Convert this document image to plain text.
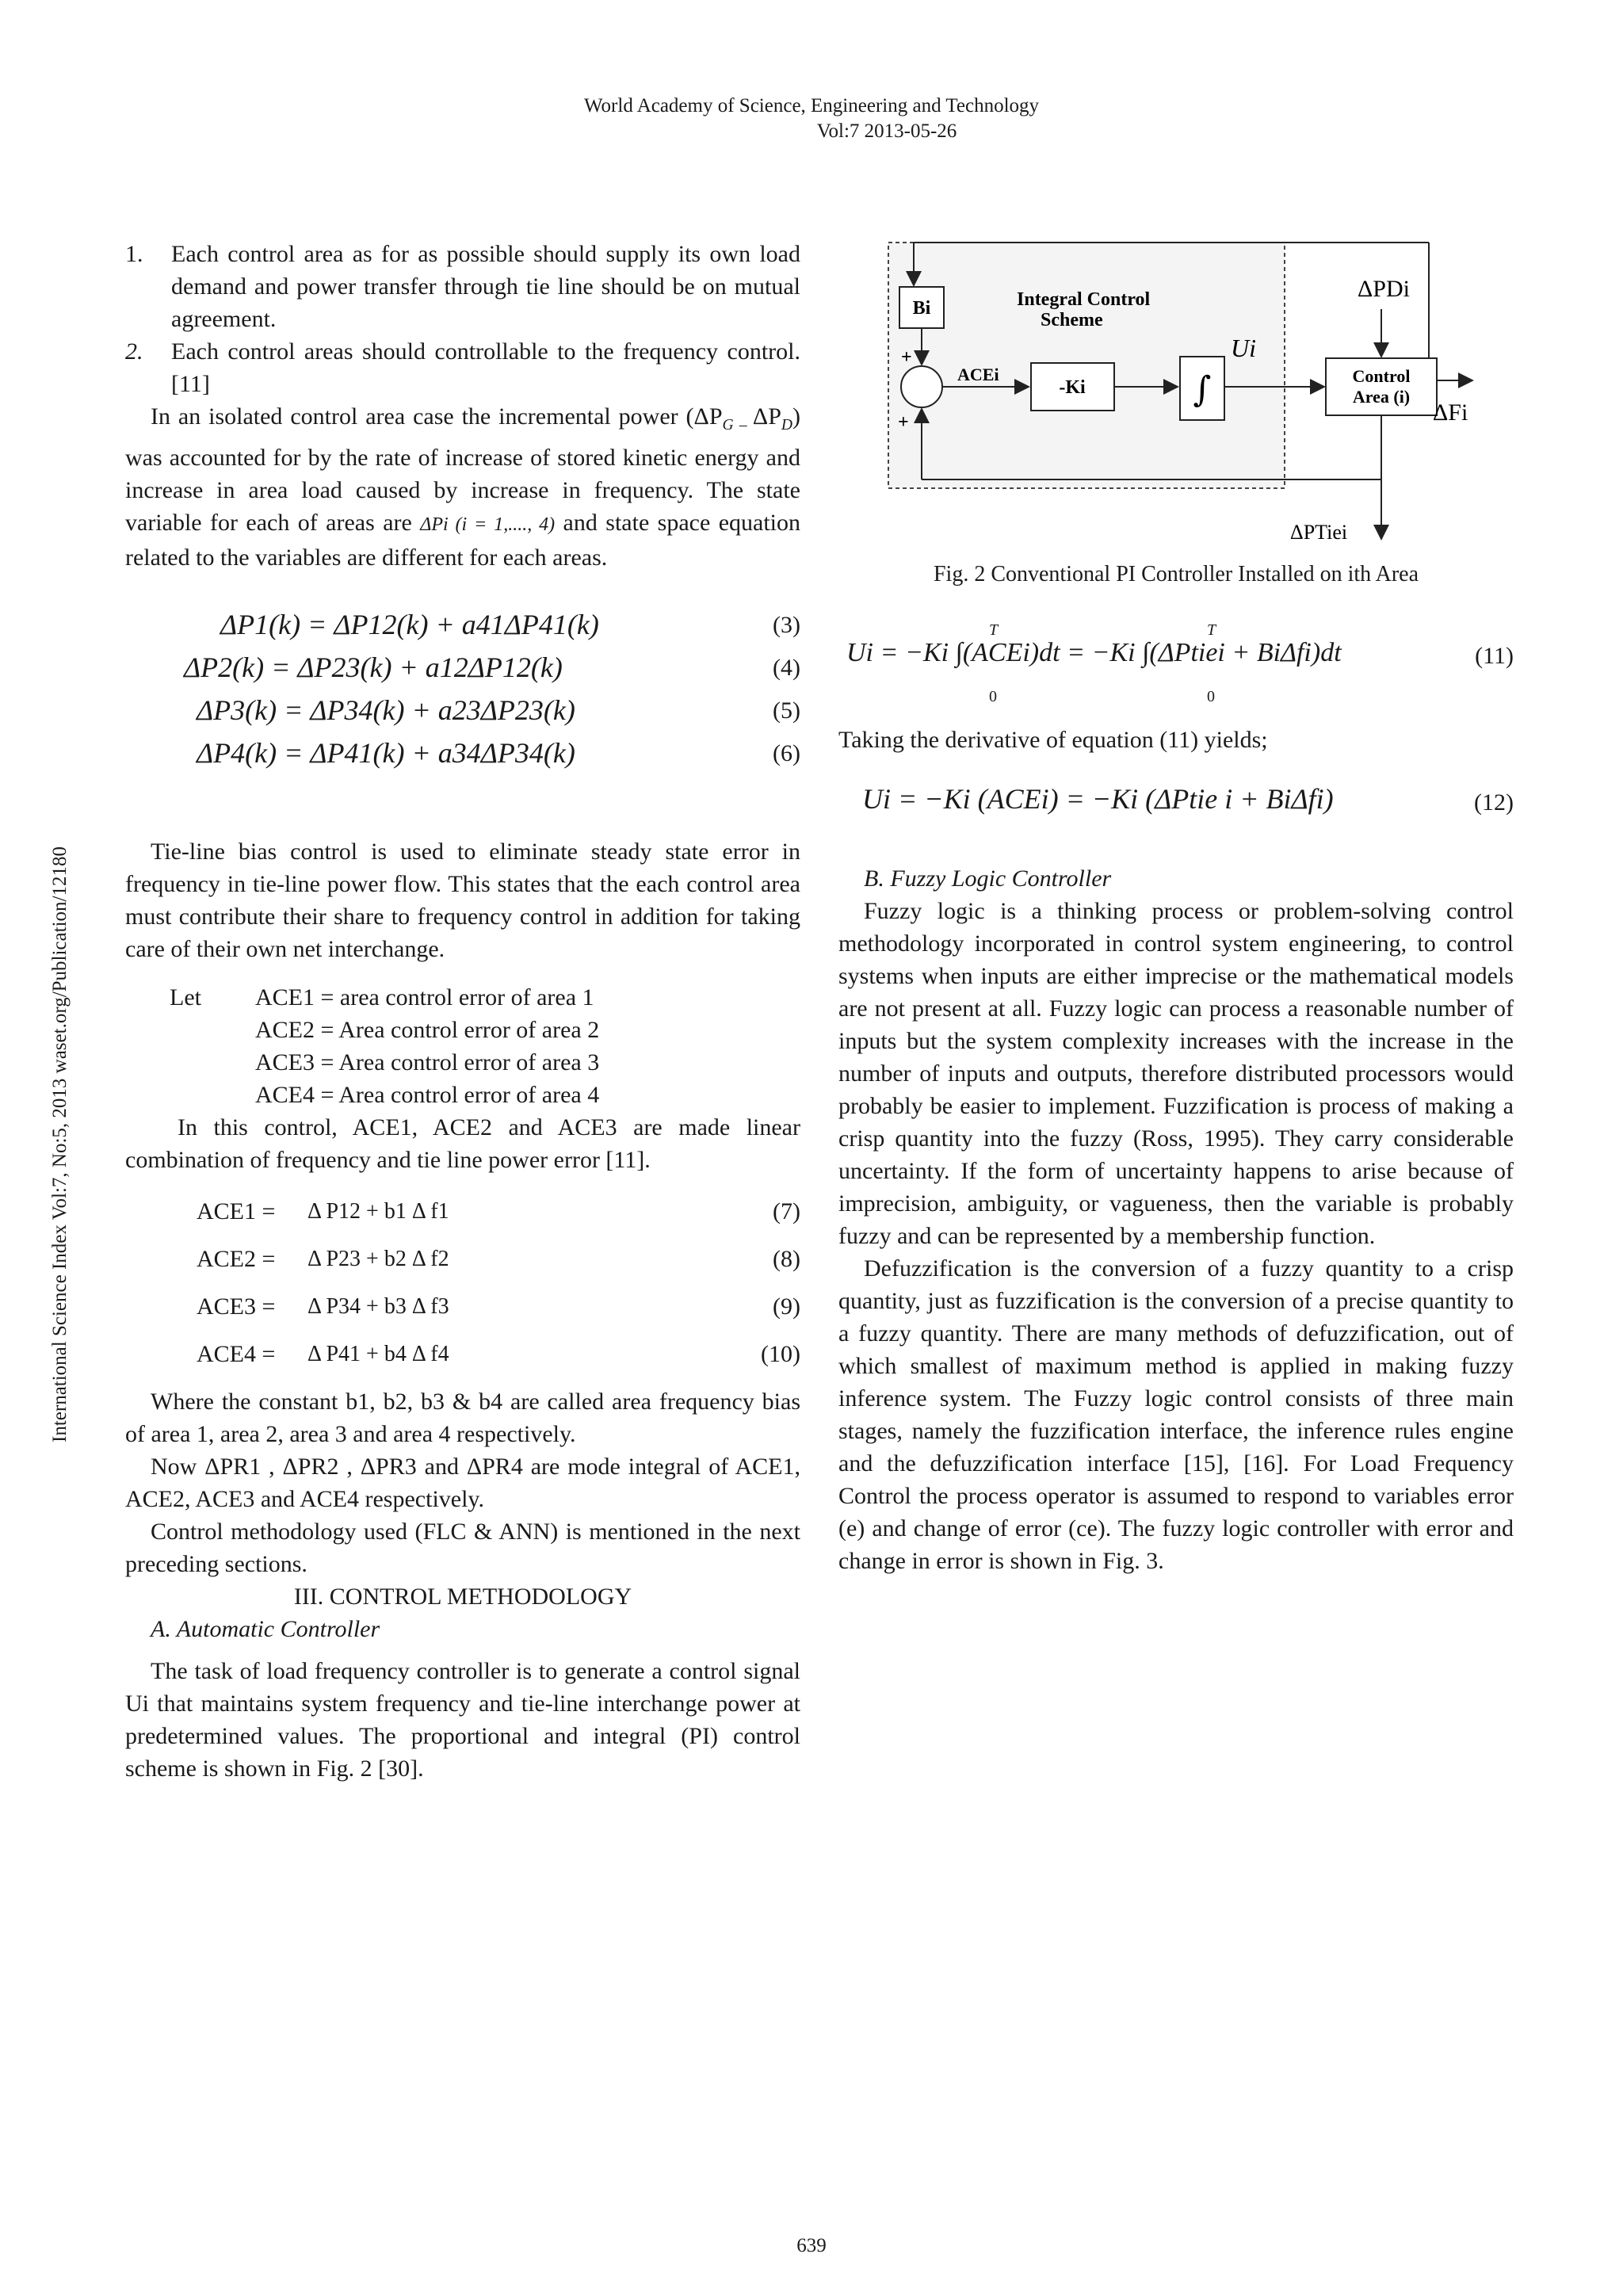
World Academy of Science, Engineering and Technology
Vol:7 2013-05-26
International Science Index Vol:7, No:5, 2013 waset.org/Publication/12180

1. Each control area as for as possible should supply its own load demand and power transfer through tie line should be on mutual agreement.

2. Each control areas should controllable to the frequency control. [11]

In an isolated control area case the incremental power ($\Delta P_{G -}$ $\Delta P_D$) was accounted for by the rate of increase of stored kinetic energy and increase in area load caused by increase in frequency. The state variable for each of areas are ΔPi (i = 1,...., 4) and state space equation related to the variables are different for each areas.

ΔP1(k) = ΔP12(k) + a41ΔP41(k)	(3)
ΔP2(k) = ΔP23(k) + a12ΔP12(k)	(4)
ΔP3(k) = ΔP34(k) + a23ΔP23(k)	(5)
ΔP4(k) = ΔP41(k) + a34ΔP34(k)	(6)

Tie-line bias control is used to eliminate steady state error in frequency in tie-line power flow. This states that the each control area must contribute their share to frequency control in addition for taking care of their own net interchange.

Let ACE1 = area control error of area 1
ACE2 = Area control error of area 2
ACE3 = Area control error of area 3
ACE4 = Area control error of area 4

In this control, ACE1, ACE2 and ACE3 are made linear combination of frequency and tie line power error [11].

ACE1 = Δ P12 + b1 Δ f1	(7)
ACE2 = Δ P23 + b2 Δ f2	(8)
ACE3 = Δ P34 + b3 Δ f3	(9)
ACE4 = Δ P41 + b4 Δ f4	(10)

Where the constant b1, b2, b3 & b4 are called area frequency bias of area 1, area 2, area 3 and area 4 respectively.

Now ΔPR1 , ΔPR2 , ΔPR3 and ΔPR4 are mode integral of ACE1, ACE2, ACE3 and ACE4 respectively.

Control methodology used (FLC & ANN) is mentioned in the next preceding sections.

III. CONTROL METHODOLOGY

A. Automatic Controller

The task of load frequency controller is to generate a control signal Ui that maintains system frequency and tie-line interchange power at predetermined values. The proportional and integral (PI) control scheme is shown in Fig. 2 [30].

Bi
+
+
Integral Control Scheme
ACEi
-Ki	∫
Ui
Control Area (i)
ΔPDi
ΔFi
ΔPTiei

Fig. 2 Conventional PI Controller Installed on ith Area

T	T
Ui = −Ki ∫(ACEi)dt = −Ki ∫(ΔPtiei + BiΔfi)dt
0	0
(11)

Taking the derivative of equation (11) yields;

Ui = −Ki (ACEi) = −Ki (ΔPtie i + BiΔfi)	(12)

B. Fuzzy Logic Controller

Fuzzy logic is a thinking process or problem-solving control methodology incorporated in control system engineering, to control systems when inputs are either imprecise or the mathematical models are not present at all. Fuzzy logic can process a reasonable number of inputs but the system complexity increases with the increase in the number of inputs and outputs, therefore distributed processors would probably be easier to implement. Fuzzification is process of making a crisp quantity into the fuzzy (Ross, 1995). They carry considerable uncertainty. If the form of uncertainty happens to arise because of imprecision, ambiguity, or vagueness, then the variable is probably fuzzy and can be represented by a membership function.

Defuzzification is the conversion of a fuzzy quantity to a crisp quantity, just as fuzzification is the conversion of a precise quantity to a fuzzy quantity. There are many methods of defuzzification, out of which smallest of maximum method is applied in making fuzzy inference system. The Fuzzy logic control consists of three main stages, namely the fuzzification interface, the inference rules engine and the defuzzification interface [15], [16]. For Load Frequency Control the process operator is assumed to respond to variables error (e) and change of error (ce). The fuzzy logic controller with error and change in error is shown in Fig. 3.

639
